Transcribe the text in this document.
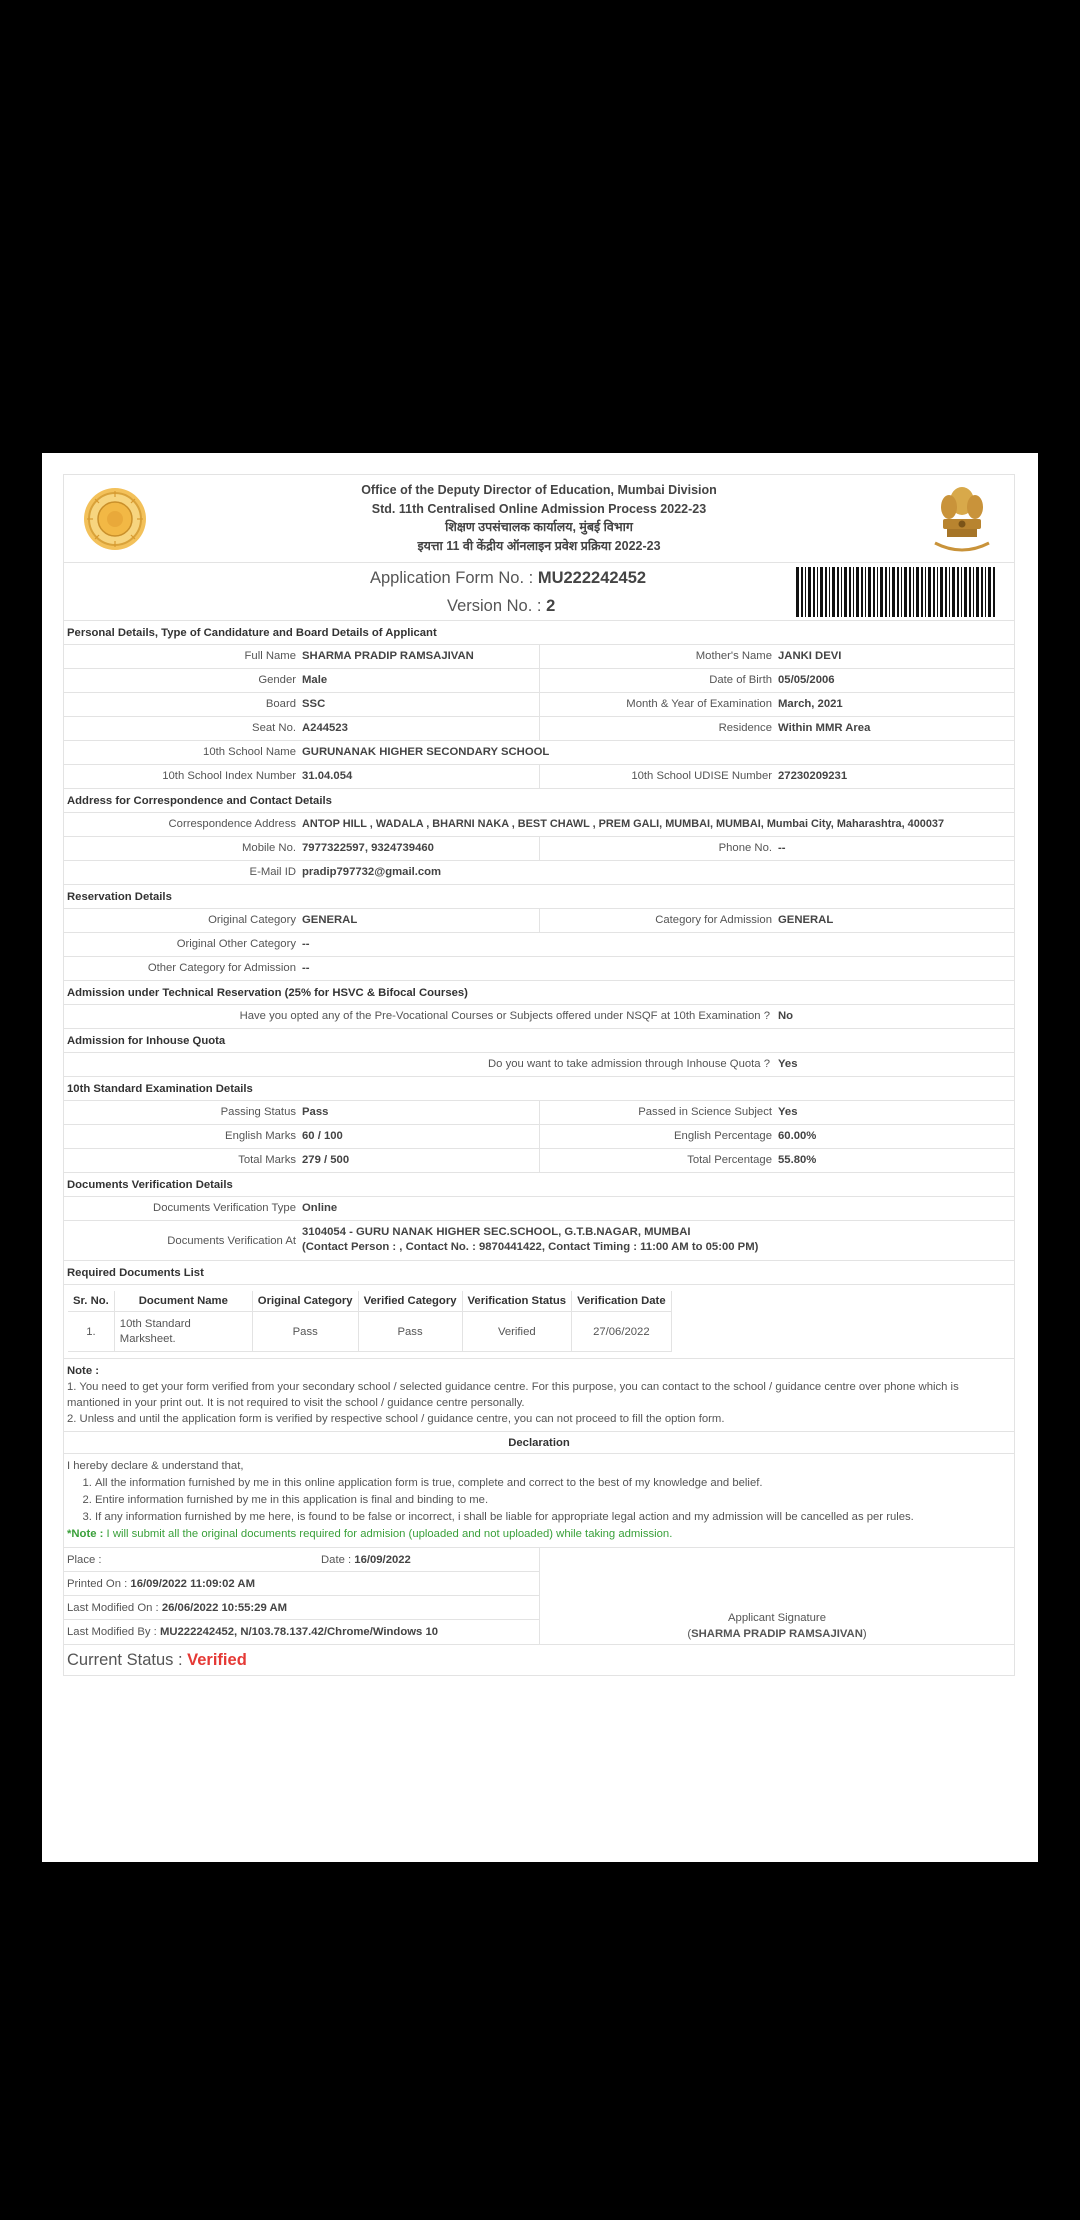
Office of the Deputy Director of Education, Mumbai Division
Std. 11th Centralised Online Admission Process 2022-23
शिक्षण उपसंचालक कार्यालय, मुंबई विभाग
इयत्ता 11 वी केंद्रीय ऑनलाइन प्रवेश प्रक्रिया 2022-23
Application Form No. : MU222242452
Version No. : 2
Personal Details, Type of Candidature and Board Details of Applicant
Full Name SHARMA PRADIP RAMSAJIVAN	Mother's Name JANKI DEVI
Gender Male	Date of Birth 05/05/2006
Board SSC	Month & Year of Examination March, 2021
Seat No. A244523	Residence Within MMR Area
10th School Name GURUNANAK HIGHER SECONDARY SCHOOL
10th School Index Number 31.04.054	10th School UDISE Number 27230209231
Address for Correspondence and Contact Details
Correspondence Address ANTOP HILL , WADALA , BHARNI NAKA , BEST CHAWL , PREM GALI, MUMBAI, MUMBAI, Mumbai City, Maharashtra, 400037
Mobile No. 7977322597, 9324739460	Phone No. --
E-Mail ID pradip797732@gmail.com
Reservation Details
Original Category GENERAL	Category for Admission GENERAL
Original Other Category --
Other Category for Admission --
Admission under Technical Reservation (25% for HSVC & Bifocal Courses)
Have you opted any of the Pre-Vocational Courses or Subjects offered under NSQF at 10th Examination ? No
Admission for Inhouse Quota
Do you want to take admission through Inhouse Quota ? Yes
10th Standard Examination Details
Passing Status Pass	Passed in Science Subject Yes
English Marks 60 / 100	English Percentage 60.00%
Total Marks 279 / 500	Total Percentage 55.80%
Documents Verification Details
Documents Verification Type Online
Documents Verification At
3104054 - GURU NANAK HIGHER SEC.SCHOOL, G.T.B.NAGAR, MUMBAI
(Contact Person : , Contact No. : 9870441422, Contact Timing : 11:00 AM to 05:00 PM)
Required Documents List
Sr. No.	Document Name	Original Category	Verified Category	Verification Status	Verification Date
1.	10th Standard Marksheet.	Pass	Pass	Verified	27/06/2022
Note :
1. You need to get your form verified from your secondary school / selected guidance centre. For this purpose, you can contact to the school / guidance centre over phone which is mantioned in your print out. It is not required to visit the school / guidance centre personally.
2. Unless and until the application form is verified by respective school / guidance centre, you can not proceed to fill the option form.
Declaration
I hereby declare & understand that,
1. All the information furnished by me in this online application form is true, complete and correct to the best of my knowledge and belief.
2. Entire information furnished by me in this application is final and binding to me.
3. If any information furnished by me here, is found to be false or incorrect, i shall be liable for appropriate legal action and my admission will be cancelled as per rules.
*Note : I will submit all the original documents required for admision (uploaded and not uploaded) while taking admission.
Place :	Date : 16/09/2022
Printed On : 16/09/2022 11:09:02 AM
Last Modified On : 26/06/2022 10:55:29 AM
Last Modified By : MU222242452, N/103.78.137.42/Chrome/Windows 10
Applicant Signature
(SHARMA PRADIP RAMSAJIVAN)
Current Status : Verified
